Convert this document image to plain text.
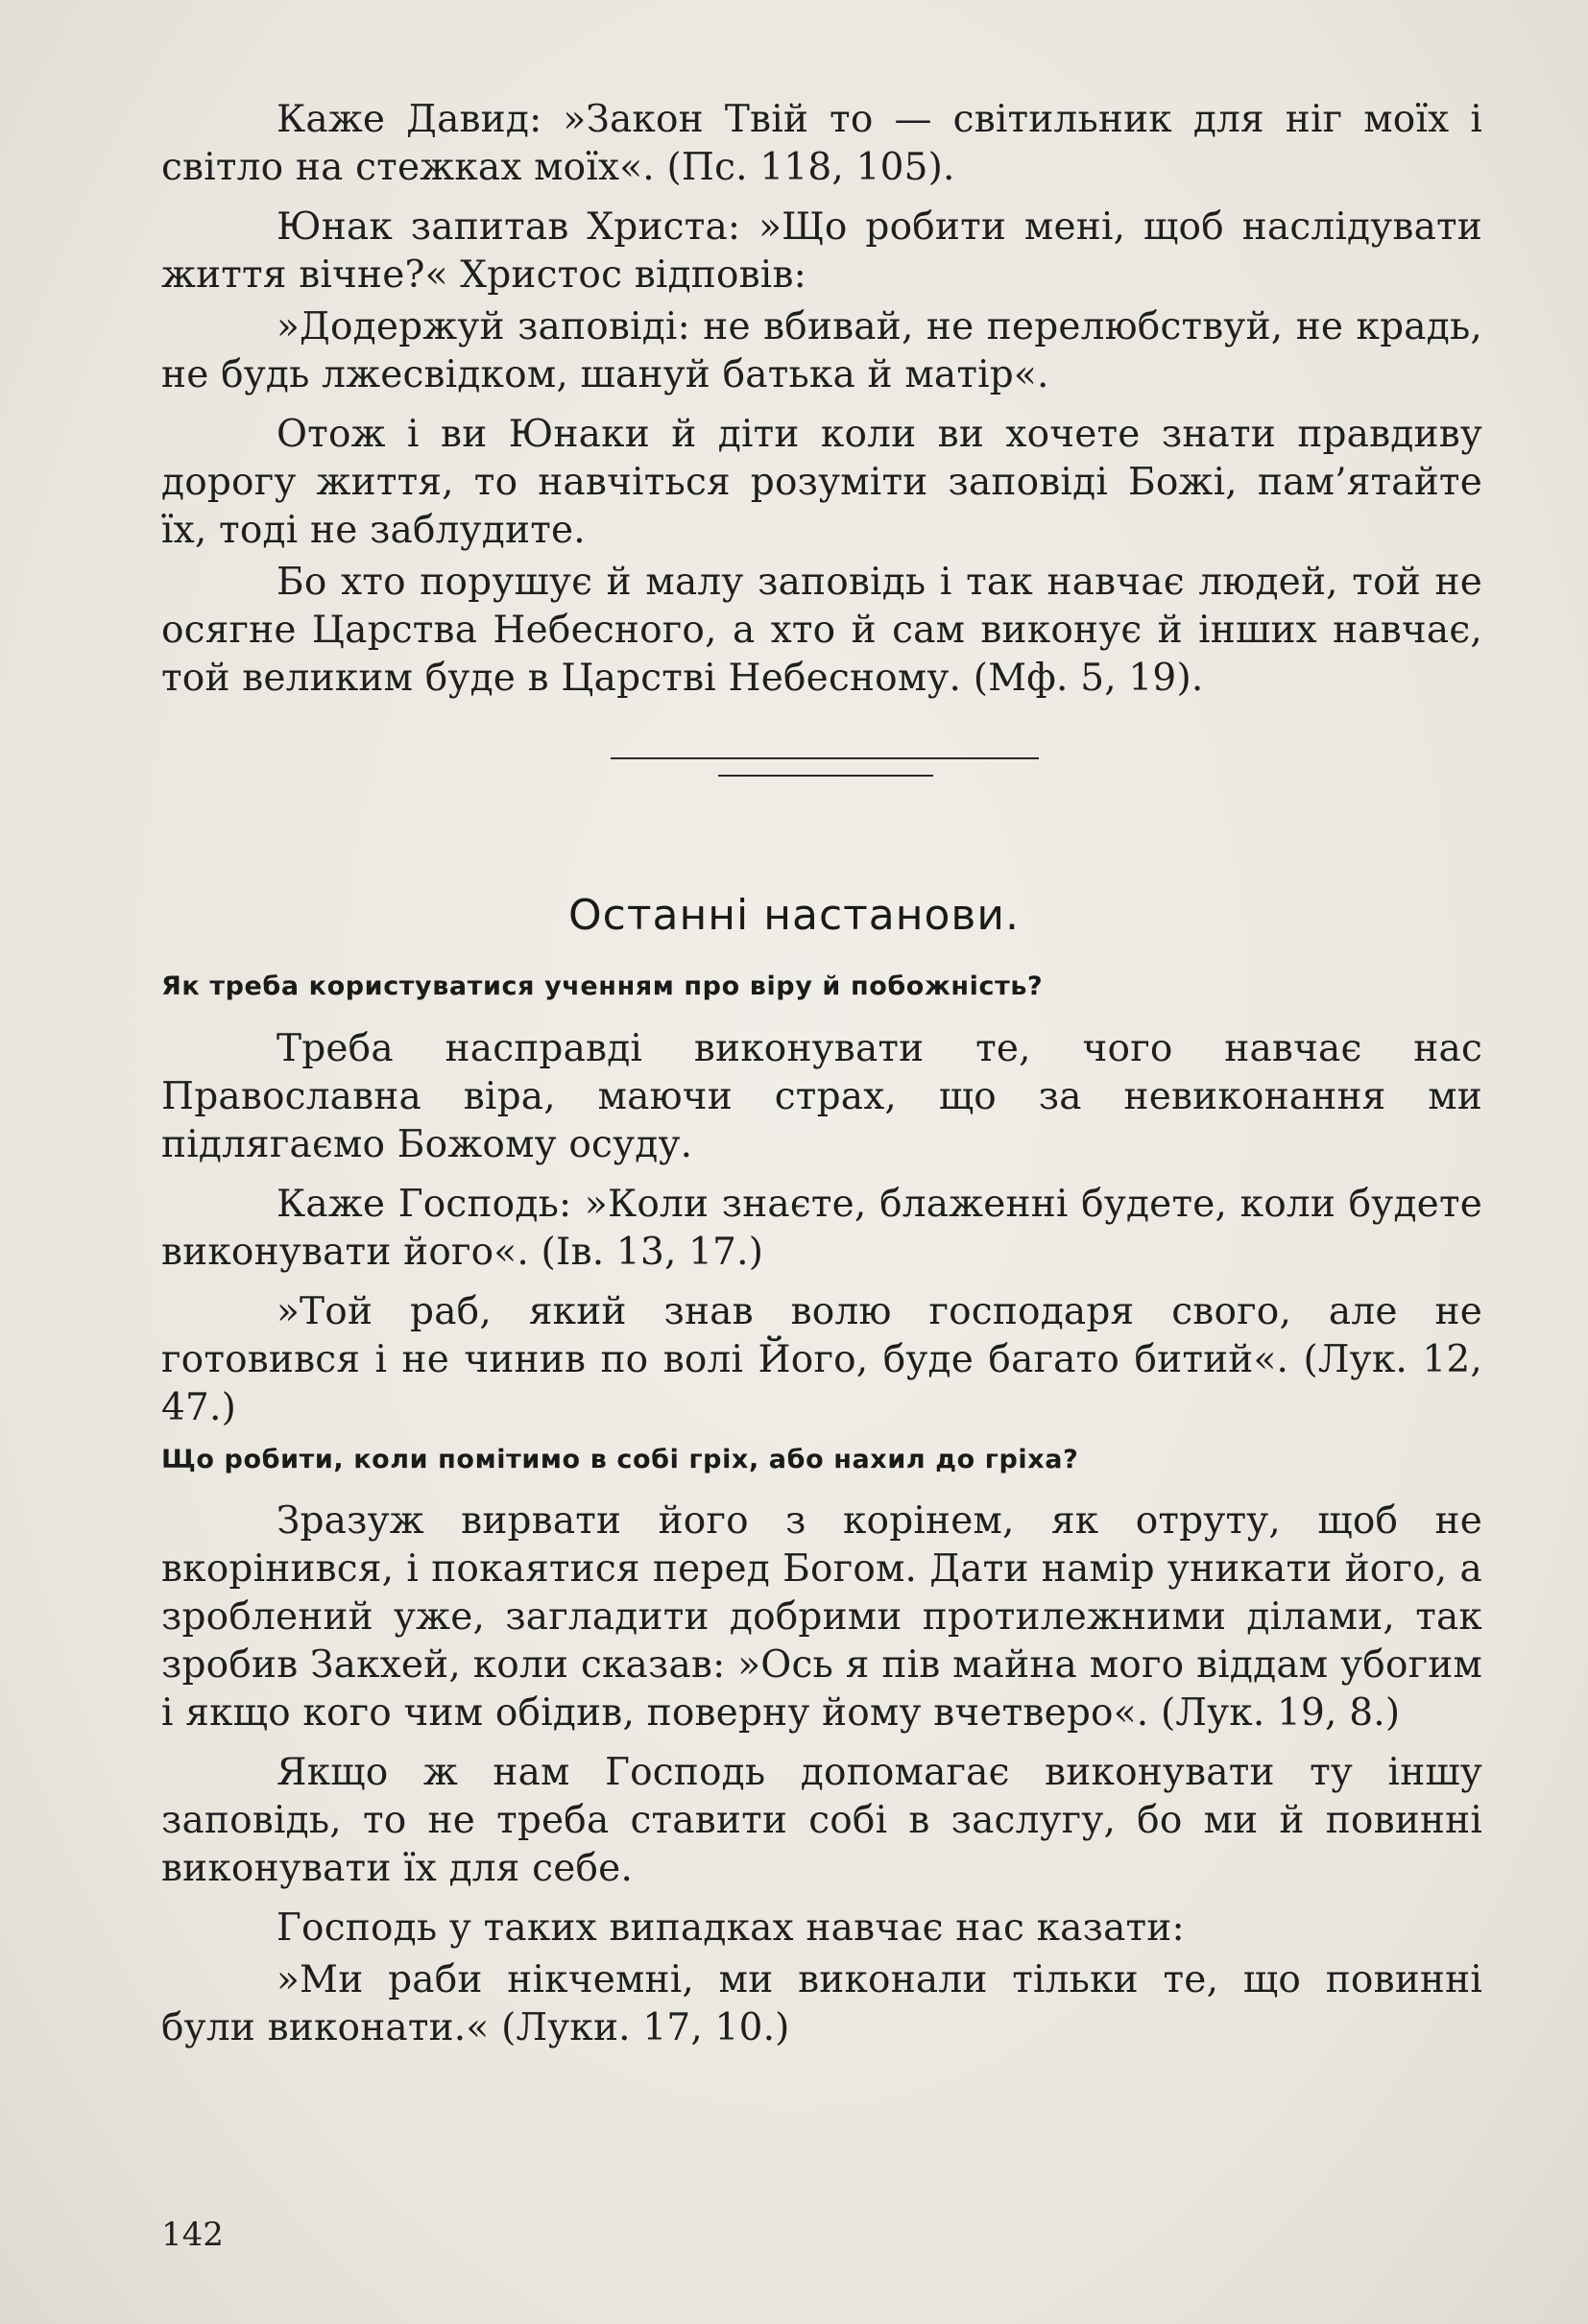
Каже Давид: »Закон Твій то — світильник для ніг моїх і світло на стежках моїх«. (Пс. 118, 105).

Юнак запитав Христа: »Що робити мені, щоб наслідувати життя вічне?« Христос відповів:

»Додержуй заповіді: не вбивай, не перелюбствуй, не крадь, не будь лжесвідком, шануй батька й матір«.

Отож і ви Юнаки й діти коли ви хочете знати правдиву дорогу життя, то навчіться розуміти заповіді Божі, пам’ятайте їх, тоді не заблудите.

Бо хто порушує й малу заповідь і так навчає людей, той не осягне Царства Небесного, а хто й сам виконує й інших навчає, той великим буде в Царстві Небесному. (Мф. 5, 19).

Останні настанови.
Як треба користуватися ученням про віру й побожність?

Треба насправді виконувати те, чого навчає нас Православна віра, маючи страх, що за невиконання ми підлягаємо Божому осуду.

Каже Господь: »Коли знаєте, блаженні будете, коли будете виконувати його«. (Ів. 13, 17.)

»Той раб, який знав волю господаря свого, але не готовився і не чинив по волі Його, буде багато битий«. (Лук. 12, 47.)

Що робити, коли помітимо в собі гріх, або нахил до гріха?

Зразуж вирвати його з корінем, як отруту, щоб не вкорінився, і покаятися перед Богом. Дати намір уникати його, а зроблений уже, загладити добрими протилежними ділами, так зробив Закхей, коли сказав: »Ось я пів майна мого віддам убогим і якщо кого чим обідив, поверну йому вчетверо«. (Лук. 19, 8.)

Якщо ж нам Господь допомагає виконувати ту іншу заповідь, то не треба ставити собі в заслугу, бо ми й повинні виконувати їх для себе.

Господь у таких випадках навчає нас казати:

»Ми раби нікчемні, ми виконали тільки те, що повинні були виконати.« (Луки. 17, 10.)

142
